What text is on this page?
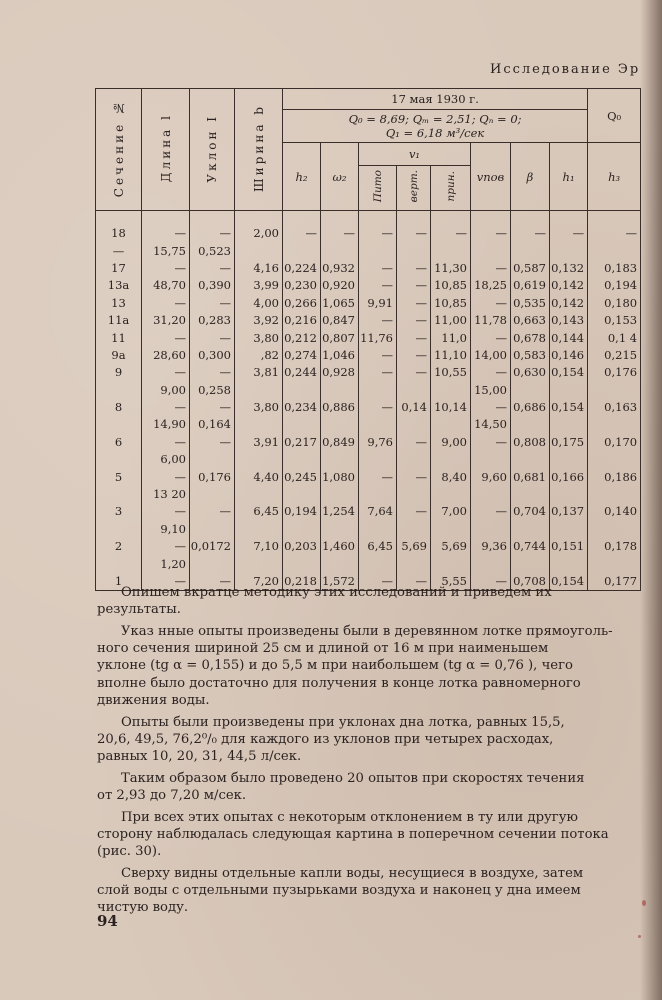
Исследование Эр
Сечение №	Длина l	Уклон I	Ширина b	17 мая 1930 г.								Q₀

				Q₀ = 8,69; Qₘ = 2,51; Qₙ = 0;
Q₁ = 6,18 м³/сек								

				h₂	ω₂	v₁			vпов	β	h₁	h₃
						Пито	верт.	прин.				

18	—	—	2,00	—	—	—	—	—	—	—	—	—
—	15,75	0,523										
17	—	—	4,16	0,224	0,932	—	—	11,30	—	0,587	0,132	0,183
13а	48,70	0,390	3,99	0,230	0,920	—	—	10,85	18,25	0,619	0,142	0,194
13	—	—	4,00	0,266	1,065	9,91	—	10,85	—	0,535	0,142	0,180
11а	31,20	0,283	3,92	0,216	0,847	—	—	11,00	11,78	0,663	0,143	0,153
11	—	—	3,80	0,212	0,807	11,76	—	11,0	—	0,678	0,144	0,1 4
9а	28,60	0,300	,82	0,274	1,046	—	—	11,10	14,00	0,583	0,146	0,215
9	—	—	3,81	0,244	0,928	—	—	10,55	—	0,630	0,154	0,176
	9,00	0,258							15,00			
8	—	—	3,80	0,234	0,886	—	0,14	10,14	—	0,686	0,154	0,163
	14,90	0,164							14,50			
6	—	—	3,91	0,217	0,849	9,76	—	9,00	—	0,808	0,175	0,170
	6,00											
5	—	0,176	4,40	0,245	1,080	—	—	8,40	9,60	0,681	0,166	0,186
	13 20											
3	—	—	6,45	0,194	1,254	7,64	—	7,00	—	0,704	0,137	0,140
	9,10											
2	—	0,0172	7,10	0,203	1,460	6,45	5,69	5,69	9,36	0,744	0,151	0,178
	1,20											
1	—	—	7,20	0,218	1,572	—	—	5,55	—	0,708	0,154	0,177
Опишем вкратце методику этих исследований и приведем их
результаты.
Указ нные опыты произведены были в деревянном лотке прямоуголь-
ного сечения шириной 25 см и длиной от 16 м при наименьшем
уклоне (tg α = 0,155) и до 5,5 м при наибольшем (tg α = 0,76 ), чего
вполне было достаточно для получения в конце лотка равномерного
движения воды.
Опыты были произведены при уклонах дна лотка, равных 15,5,
20,6, 49,5, 76,2⁰/₀ для каждого из уклонов при четырех расходах,
равных 10, 20, 31, 44,5 л/сек.
Таким образом было проведено 20 опытов при скоростях течения
от 2,93 до 7,20 м/сек.
При всех этих опытах с некоторым отклонением в ту или другую
сторону наблюдалась следующая картина в поперечном сечении потока
(рис. 30).
Сверху видны отдельные капли воды, несущиеся в воздухе, затем
слой воды с отдельными пузырьками воздуха и наконец у дна имеем
чистую воду.
94
